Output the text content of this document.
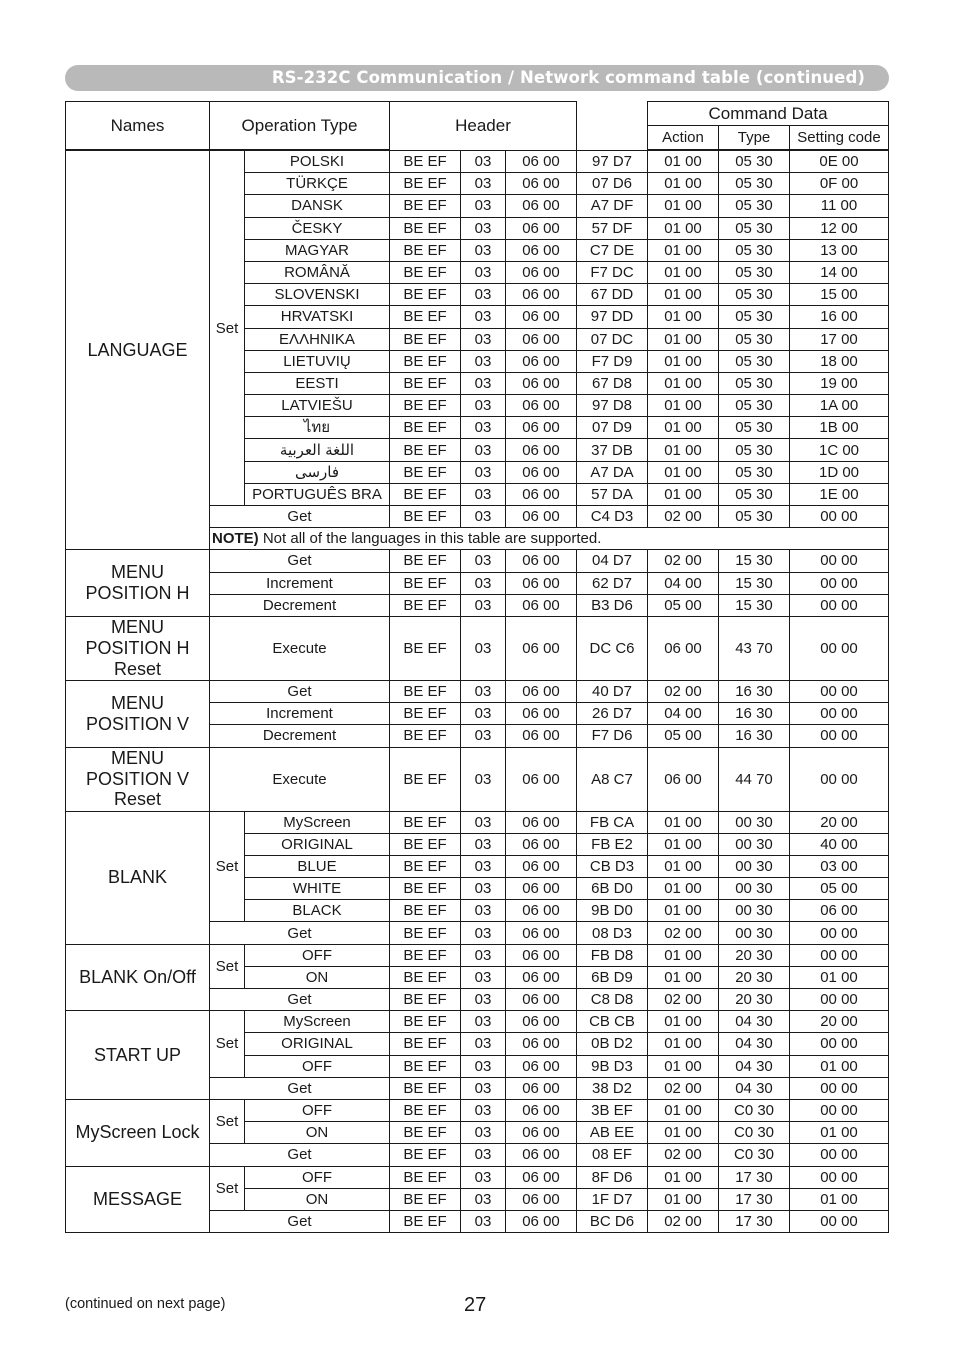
RS-232C Communication / Network command table (continued)
Names	Operation Type	Header		Command Data		
				Action	Type	Setting code
LANGUAGE	Set	POLSKI	BE EF	03	06 00	97 D7	01 00	05 30	0E 00
		TÜRKÇE	BE EF	03	06 00	07 D6	01 00	05 30	0F 00
		DANSK	BE EF	03	06 00	A7 DF	01 00	05 30	11 00
		ČESKY	BE EF	03	06 00	57 DF	01 00	05 30	12 00
		MAGYAR	BE EF	03	06 00	C7 DE	01 00	05 30	13 00
		ROMÂNĂ	BE EF	03	06 00	F7 DC	01 00	05 30	14 00
		SLOVENSKI	BE EF	03	06 00	67 DD	01 00	05 30	15 00
		HRVATSKI	BE EF	03	06 00	97 DD	01 00	05 30	16 00
		ΕΛΛΗΝΙΚΑ	BE EF	03	06 00	07 DC	01 00	05 30	17 00
		LIETUVIŲ	BE EF	03	06 00	F7 D9	01 00	05 30	18 00
		EESTI	BE EF	03	06 00	67 D8	01 00	05 30	19 00
		LATVIEŠU	BE EF	03	06 00	97 D8	01 00	05 30	1A 00
		ไทย	BE EF	03	06 00	07 D9	01 00	05 30	1B 00
		اللغة العربية	BE EF	03	06 00	37 DB	01 00	05 30	1C 00
		فارسی	BE EF	03	06 00	A7 DA	01 00	05 30	1D 00
		PORTUGUÊS BRA	BE EF	03	06 00	57 DA	01 00	05 30	1E 00
	Get		BE EF	03	06 00	C4 D3	02 00	05 30	00 00
	NOTE) Not all of the languages in this table are supported.								
MENU POSITION H	Get		BE EF	03	06 00	04 D7	02 00	15 30	00 00
	Increment		BE EF	03	06 00	62 D7	04 00	15 30	00 00
	Decrement		BE EF	03	06 00	B3 D6	05 00	15 30	00 00
MENU POSITION H Reset	Execute		BE EF	03	06 00	DC C6	06 00	43 70	00 00
MENU POSITION V	Get		BE EF	03	06 00	40 D7	02 00	16 30	00 00
	Increment		BE EF	03	06 00	26 D7	04 00	16 30	00 00
	Decrement		BE EF	03	06 00	F7 D6	05 00	16 30	00 00
MENU POSITION V Reset	Execute		BE EF	03	06 00	A8 C7	06 00	44 70	00 00
BLANK	Set	MyScreen	BE EF	03	06 00	FB CA	01 00	00 30	20 00
		ORIGINAL	BE EF	03	06 00	FB E2	01 00	00 30	40 00
		BLUE	BE EF	03	06 00	CB D3	01 00	00 30	03 00
		WHITE	BE EF	03	06 00	6B D0	01 00	00 30	05 00
		BLACK	BE EF	03	06 00	9B D0	01 00	00 30	06 00
	Get		BE EF	03	06 00	08 D3	02 00	00 30	00 00
BLANK On/Off	Set	OFF	BE EF	03	06 00	FB D8	01 00	20 30	00 00
		ON	BE EF	03	06 00	6B D9	01 00	20 30	01 00
	Get		BE EF	03	06 00	C8 D8	02 00	20 30	00 00
START UP	Set	MyScreen	BE EF	03	06 00	CB CB	01 00	04 30	20 00
		ORIGINAL	BE EF	03	06 00	0B D2	01 00	04 30	00 00
		OFF	BE EF	03	06 00	9B D3	01 00	04 30	01 00
	Get		BE EF	03	06 00	38 D2	02 00	04 30	00 00
MyScreen Lock	Set	OFF	BE EF	03	06 00	3B EF	01 00	C0 30	00 00
		ON	BE EF	03	06 00	AB EE	01 00	C0 30	01 00
	Get		BE EF	03	06 00	08 EF	02 00	C0 30	00 00
MESSAGE	Set	OFF	BE EF	03	06 00	8F D6	01 00	17 30	00 00
		ON	BE EF	03	06 00	1F D7	01 00	17 30	01 00
	Get		BE EF	03	06 00	BC D6	02 00	17 30	00 00
(continued on next page)	27
